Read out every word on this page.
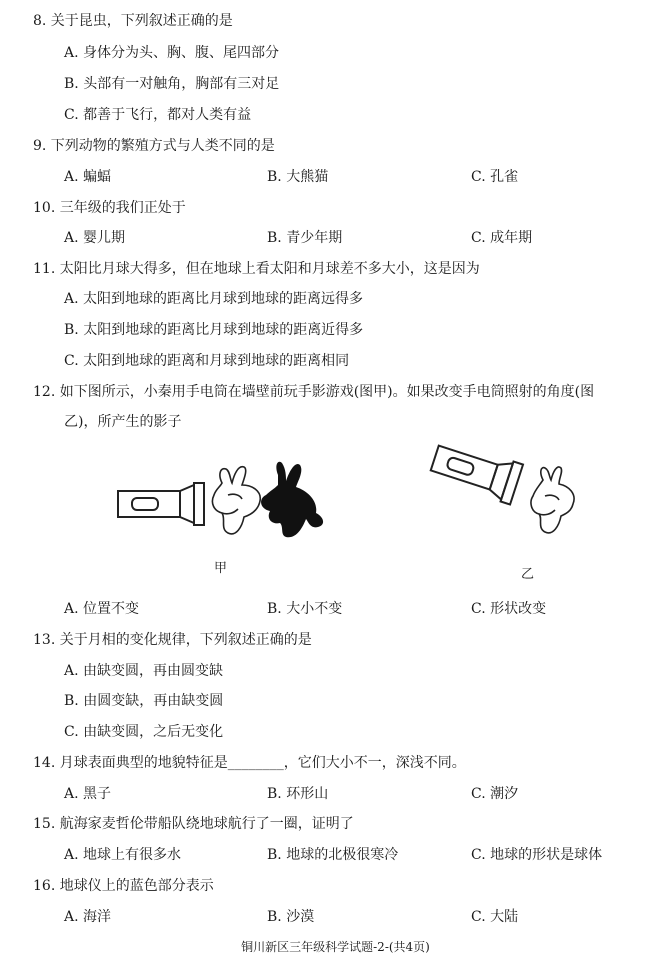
8. 关于昆虫，下列叙述正确的是
A. 身体分为头、胸、腹、尾四部分
B. 头部有一对触角，胸部有三对足
C. 都善于飞行，都对人类有益
9. 下列动物的繁殖方式与人类不同的是
A. 蝙蝠	B. 大熊猫	C. 孔雀
10. 三年级的我们正处于
A. 婴儿期	B. 青少年期	C. 成年期
11. 太阳比月球大得多，但在地球上看太阳和月球差不多大小，这是因为
A. 太阳到地球的距离比月球到地球的距离远得多
B. 太阳到地球的距离比月球到地球的距离近得多
C. 太阳到地球的距离和月球到地球的距离相同
12. 如下图所示，小秦用手电筒在墙壁前玩手影游戏(图甲)。如果改变手电筒照射的角度(图
乙)，所产生的影子
甲	乙
A. 位置不变	B. 大小不变	C. 形状改变
13. 关于月相的变化规律，下列叙述正确的是
A. 由缺变圆，再由圆变缺
B. 由圆变缺，再由缺变圆
C. 由缺变圆，之后无变化
14. 月球表面典型的地貌特征是________，它们大小不一，深浅不同。
A. 黑子	B. 环形山	C. 潮汐
15. 航海家麦哲伦带船队绕地球航行了一圈，证明了
A. 地球上有很多水	B. 地球的北极很寒冷	C. 地球的形状是球体
16. 地球仪上的蓝色部分表示
A. 海洋	B. 沙漠	C. 大陆
铜川新区三年级科学试题-2-(共4页)
